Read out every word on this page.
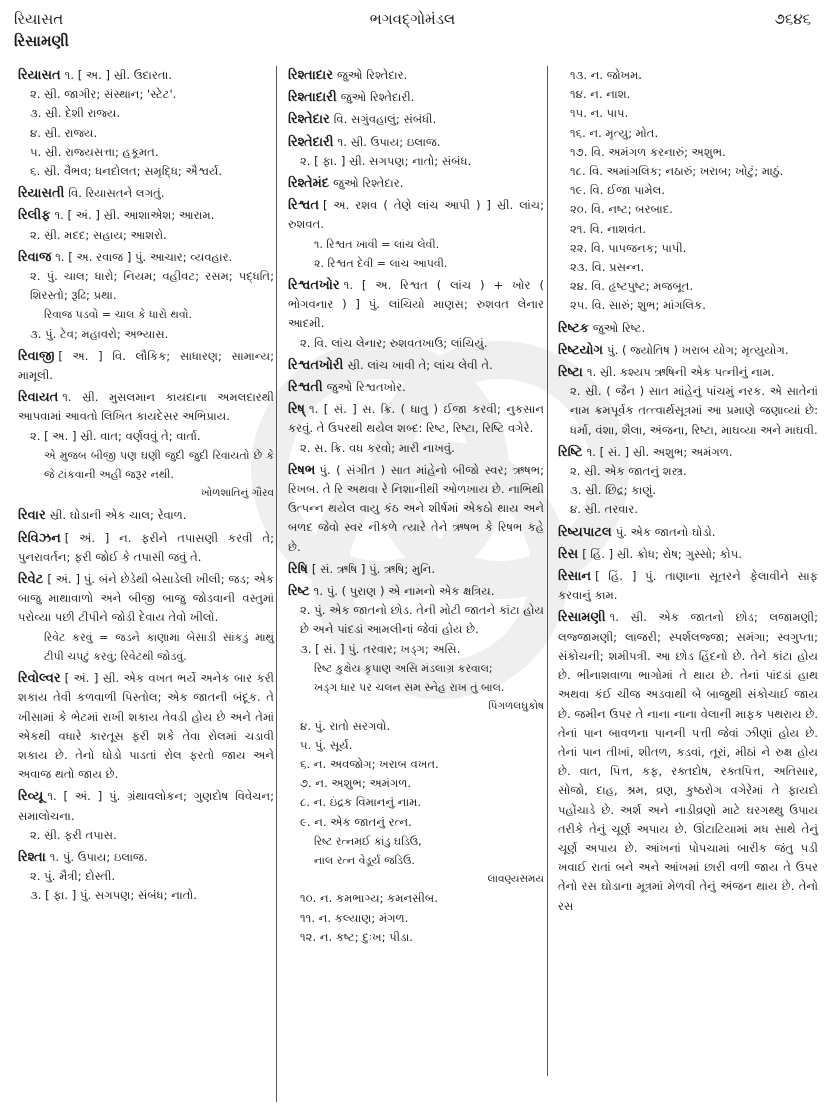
રિયાસત
રિસામણી
ભગવદ્ગોમંડલ	૭૬૪૬
રિયાસત ૧. [ અ. ] સ્રી. ઉદારતા.
૨. સ્રી. જાગીર; સંસ્થાન; 'સ્ટેટ'.
૩. સ્રી. દેશી રાજ્ય.
૪. સ્રી. રાજ્ય.
૫. સ્રી. રાજ્યસત્તા; હકૂમત.
૬. સ્રી. વૈભવ; ધનદોલત; સમૃદ્ધિ; ઐશ્વર્ય.
રિયાસતી વિ. રિયાસતને લગતું.
રિલીફ ૧. [ અં. ] સ્રી. આશાએશ; આરામ.
૨. સ્રી. મદદ; સહાય; આશરો.
રિવાજ ૧. [ અ. રવાજ ] પું. આચાર; વ્યવહાર.
૨. પું. ચાલ; ધારો; નિયમ; વહીવટ; રસમ; પદ્ધતિ; શિરસ્તો; રૂઢિ; પ્રથા.
રિવાજ પડવો = ચાલ કે ધારો થવો.
૩. પું. ટેવ; મહાવરો; અભ્યાસ.
રિવાજી [ અ. ] વિ. લૌકિક; સાધારણ; સામાન્ય; મામૂલી.
રિવાયત ૧. સ્રી. મુસલમાન કાયદાના અમલદારથી આપવામાં આવતો લિખિત કાયદેસર અભિપ્રાય.
૨. [ અ. ] સ્રી. વાત; વર્ણવવું તે; વાર્તા.
એ મુજબ બીજી પણ ઘણી જુદી જુદી રિવાયતો છે કે જે ટાંકવાની અહીં જરૂર નથી.
ખોળશાતિનું ગૌરવ
રિવાર સ્રી. ઘોડાની એક ચાલ; રેવાળ.
રિવિઝન [ અં. ] ન. ફરીને તપાસણી કરવી તે; પુનરાવર્તન; ફરી જોઈ કે તપાસી જવું તે.
રિવેટ [ અં. ] પું. બંને છેડેથી બેસાડેલી ખીલી; જડ; એક બાજુ માથાવાળો અને બીજી બાજુ જોડવાની વસ્તુમાં પરોવ્યા પછી ટીપીને જોડી દેવાય તેવો ખીલો.
રિવેટ કરવું = જડને કાણામાં બેસાડી સાંકડું માથું ટીપી ચપટું કરવું; રિવેટથી જોડવું.
રિવોલ્વર [ અં. ] સ્રી. એક વખત ભર્યે અનેક બાર કરી શકાય તેવી કળવાળી પિસ્તોલ; એક જાતની બંદૂક. તે ખીસામાં કે ભેટમાં રાખી શકાય તેવડી હોય છે અને તેમાં એકથી વધારે કારતૂસ ફરી શકે તેવા રોલમાં ચડાવી શકાય છે. તેનો ઘોડો પાડતાં રોલ ફરતો જાય અને અવાજ થતો જાય છે.
રિવ્યૂ ૧. [ અં. ] પું. ગ્રંથાવલોકન; ગુણદોષ વિવેચન; સમાલોચના.
૨. સ્રી. ફરી તપાસ.
રિશ્તા ૧. પું. ઉપાય; ઇલાજ.
૨. પું. મૈત્રી; દોસ્તી.
૩. [ ફા. ] પું. સગપણ; સંબંધ; નાતો.
રિશ્તાદાર જુઓ રિશ્તેદાર.
રિશ્તાદારી જુઓ રિશ્તેદારી.
રિશ્તેદાર વિ. સગુંવહાલું; સંબંધી.
રિશ્તેદારી ૧. સ્રી. ઉપાય; ઇલાજ.
૨. [ ફા. ] સ્રી. સગપણ; નાતો; સંબંધ.
રિશ્તેમંદ જુઓ રિશ્તેદાર.
રિશ્વત [ અ. રશવ ( તેણે લાંચ આપી ) ] સ્રી. લાંચ; રુશવત.
૧. રિશ્વત ખાવી = લાંચ લેવી.
૨. રિશ્વત દેવી = લાંચ આપવી.
રિશ્વતખોર ૧. [ અ. રિશ્વત ( લાંચ ) + ખોર ( ભોગવનાર ) ] પું. લાંચિયો માણસ; રુશવત લેનાર આદમી.
૨. વિ. લાંચ લેનાર; રુશવતખાઉ; લાંચિયું.
રિશ્વતખોરી સ્રી. લાંચ ખાવી તે; લાંચ લેવી તે.
રિશ્વતી જુઓ રિશ્વતખોર.
રિષ્ ૧. [ સં. ] સ. ક્રિ. ( ધાતુ ) ઈજા કરવી; નુકસાન કરવું. તે ઉપરથી થયેલ શબ્દ: રિષ્ટ, રિષ્ટા, રિષ્ટિ વગેરે.
૨. સ. ક્રિ. વધ કરવો; મારી નાખવું.
રિષભ પું. ( સંગીત ) સાત માંહેનો બીજો સ્વર; ઋષભ; રિખબ. તે રિ અથવા રે નિશાનીથી ઓળખાય છે. નાભિથી ઉત્પન્ન થયેલ વાયુ કંઠ અને શીર્ષમાં એકઠો થાય અને બળદ જેવો સ્વર નીકળે ત્યારે તેને ઋષભ કે રિષભ કહે છે.
રિષિ [ સં. ઋષિ ] પું. ઋષિ; મુનિ.
રિષ્ટ ૧. પું. ( પુરાણ ) એ નામનો એક ક્ષત્રિય.
૨. પું. એક જાતનો છોડ. તેની મોટી જાતને કાંટા હોય છે અને પાંદડાં આમલીનાં જેવાં હોય છે.
૩. [ સં. ] પું. તરવાર; ખડ્ગ; અસિ.
રિષ્ટ કુક્ષેય કૃપાણ અસિ મંડલાગ્ર કરવાલ;
ખડ્ગ ધાર પર ચલન સમ સ્નેહ રાખ તું બાલ.
પિંગળલઘુકોષ
૪. પું. રાતો સરગવો.
૫. પું. સૂર્ય.
૬. ન. અવજોગ; ખરાબ વખત.
૭. ન. અશુભ; અમંગળ.
૮. ન. ઇંદ્રક વિમાનનું નામ.
૯. ન. એક જાતનું રત્ન.
રિષ્ટ રત્નમઈ કાંડુ ઘડિઉ,
નાલ રત્ન વેડૂર્ય જડિઉ.
લાવણ્યસમય
૧૦. ન. કમભાગ્ય; કમનસીબ.
૧૧. ન. કલ્યાણ; મંગળ.
૧૨. ન. કષ્ટ; દુઃખ; પીડા.
૧૩. ન. જોખમ.
૧૪. ન. નાશ.
૧૫. ન. પાપ.
૧૬. ન. મૃત્યુ; મોત.
૧૭. વિ. અમંગળ કરનારું; અશુભ.
૧૮. વિ. અમાંગલિક; નઠારું; ખરાબ; ખોટું; માઠું.
૧૯. વિ. ઈજા પામેલ.
૨૦. વિ. નષ્ટ; બરબાદ.
૨૧. વિ. નાશવંત.
૨૨. વિ. પાપજનક; પાપી.
૨૩. વિ. પ્રસન્ન.
૨૪. વિ. હૃષ્ટપુષ્ટ; મજબૂત.
૨૫. વિ. સારું; શુભ; માંગલિક.
રિષ્ટક જુઓ રિષ્ટ.
રિષ્ટયોગ પું. ( જ્યોતિષ ) ખરાબ યોગ; મૃત્યુયોગ.
રિષ્ટા ૧. સ્રી. કશ્યપ ઋષિની એક પત્નીનું નામ.
૨. સ્રી. ( જૈન ) સાત માંહેનું પાંચમું નરક. એ સાતેનાં નામ ક્રમપૂર્વક તત્ત્વાર્થસૂત્રમાં આ પ્રમાણે જણાવ્યાં છે: ધર્મા, વંશા, શૈલા, અંજના, રિષ્ટા, માઘવ્યા અને માઘવી.
રિષ્ટિ ૧. [ સં. ] સ્રી. અશુભ; અમંગળ.
૨. સ્રી. એક જાતનું શસ્ત્ર.
૩. સ્રી. છિદ્ર; કાણું.
૪. સ્રી. તરવાર.
રિષ્યપાટલ પું. એક જાતનો ઘોડો.
રિસ [ હિં. ] સ્રી. ક્રોધ; રોષ; ગુસ્સો; કોપ.
રિસાન [ હિં. ] પું. તાણાના સૂતરને ફેલાવીને સાફ કરવાનું કામ.
રિસામણી ૧. સ્રી. એક જાતનો છોડ; લજામણી; લજ્જામણી; લાજરી; સ્પર્શલજ્જા; સમંગા; સ્વગુપ્તા; સંકોચની; શમીપત્રી. આ છોડ હિંદનો છે. તેને કાંટા હોય છે. ભીનાશવાળા ભાગોમાં તે થાય છે. તેનાં પાંદડાં હાથ અથવા કંઈ ચીજ અડવાથી બે બાજુથી સંકોચાઈ જાય છે. જમીન ઉપર તે નાના નાના વેલાની માફક પથરાય છે. તેનાં પાન બાવળના પાનની પત્તી જેવાં ઝીણાં હોય છે. તેનાં પાન તીખાં, શીતળ, કડવાં, તૂરાં, મીઠાં ને રુક્ષ હોય છે. વાત, પિત્ત, કફ, રક્તદોષ, રક્તપિત્ત, અતિસાર, સોજો, દાહ, શ્રમ, વ્રણ, કુષ્ઠરોગ વગેરેમાં તે ફાયદો પહોંચાડે છે. અર્શ અને નાડીવ્રણો માટે ઘરગથ્થુ ઉપાય તરીકે તેનું ચૂર્ણ અપાય છે. ઊંટાટિયામાં મધ સાથે તેનું ચૂર્ણ અપાય છે. આંખનાં પોપચામાં બારીક જંતુ પડી ખવાઈ રાતાં બને અને આંખમાં છારી વળી જાય તે ઉપર તેનો રસ ઘોડાના મૂત્રમાં મેળવી તેનું અંજન થાય છે. તેનો રસ
